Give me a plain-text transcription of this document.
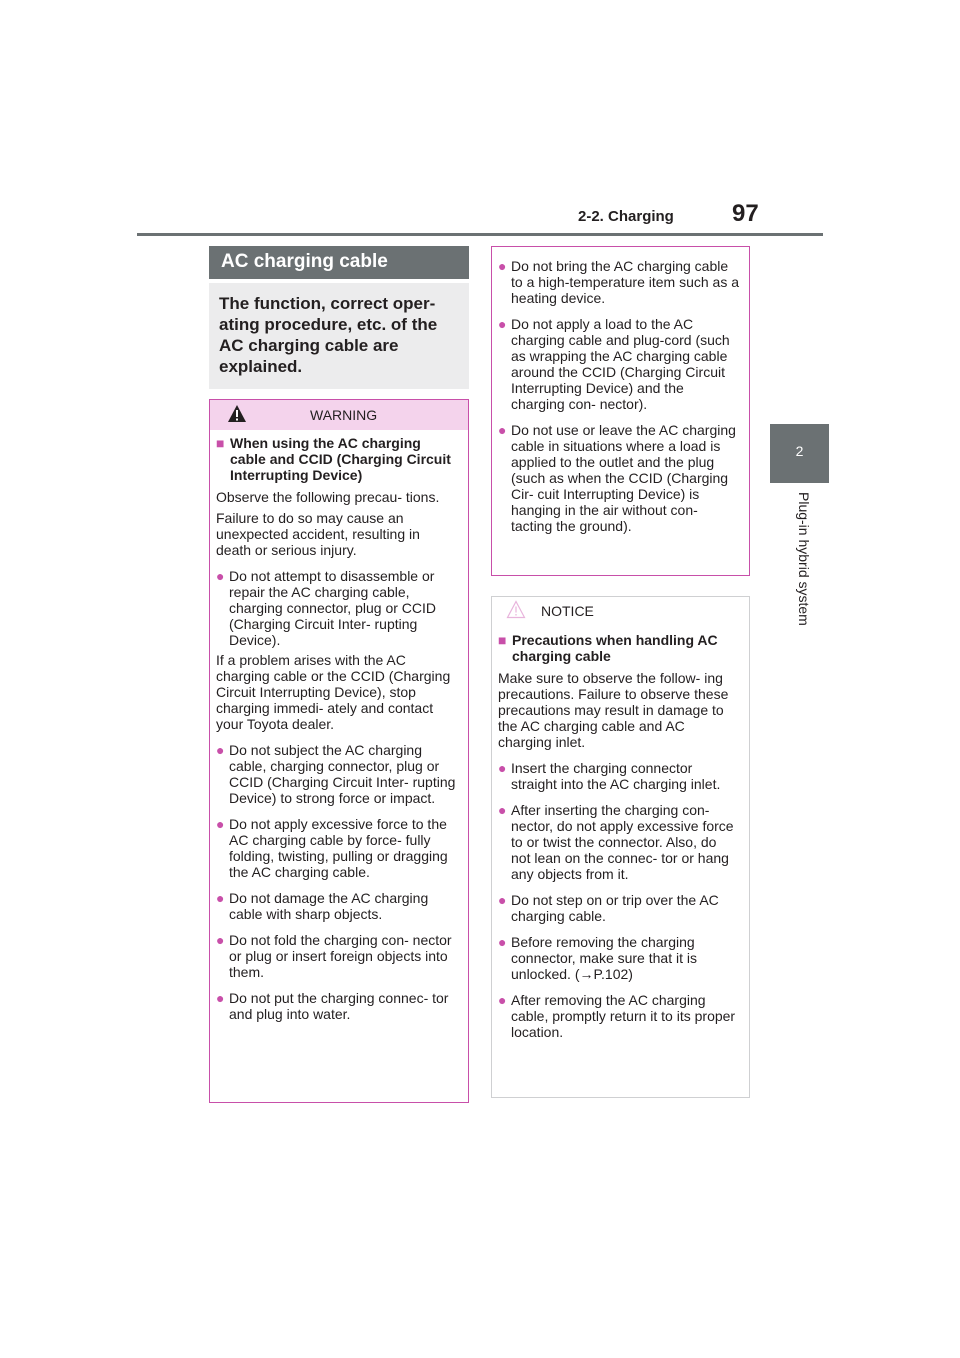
2-2. Charging 97
2
Plug-in hybrid system
AC charging cable
The function, correct oper- ating procedure, etc. of the AC charging cable are explained.
WARNING
■ When using the AC charging cable and CCID (Charging Circuit Interrupting Device)
Observe the following precau- tions.
Failure to do so may cause an unexpected accident, resulting in death or serious injury.
● Do not attempt to disassemble or repair the AC charging cable, charging connector, plug or CCID (Charging Circuit Inter- rupting Device).
If a problem arises with the AC charging cable or the CCID (Charging Circuit Interrupting Device), stop charging immedi- ately and contact your Toyota dealer.
● Do not subject the AC charging cable, charging connector, plug or CCID (Charging Circuit Inter- rupting Device) to strong force or impact.
● Do not apply excessive force to the AC charging cable by force- fully folding, twisting, pulling or dragging the AC charging cable.
● Do not damage the AC charging cable with sharp objects.
● Do not fold the charging con- nector or plug or insert foreign objects into them.
● Do not put the charging connec- tor and plug into water.
● Do not bring the AC charging cable to a high-temperature item such as a heating device.
● Do not apply a load to the AC charging cable and plug-cord (such as wrapping the AC charging cable around the CCID (Charging Circuit Interrupting Device) and the charging con- nector).
● Do not use or leave the AC charging cable in situations where a load is applied to the outlet and the plug (such as when the CCID (Charging Cir- cuit Interrupting Device) is hanging in the air without con- tacting the ground).
NOTICE
■ Precautions when handling AC charging cable
Make sure to observe the follow- ing precautions. Failure to observe these precautions may result in damage to the AC charging cable and AC charging inlet.
● Insert the charging connector straight into the AC charging inlet.
● After inserting the charging con- nector, do not apply excessive force to or twist the connector. Also, do not lean on the connec- tor or hang any objects from it.
● Do not step on or trip over the AC charging cable.
● Before removing the charging connector, make sure that it is unlocked. (→P.102)
● After removing the AC charging cable, promptly return it to its proper location.
